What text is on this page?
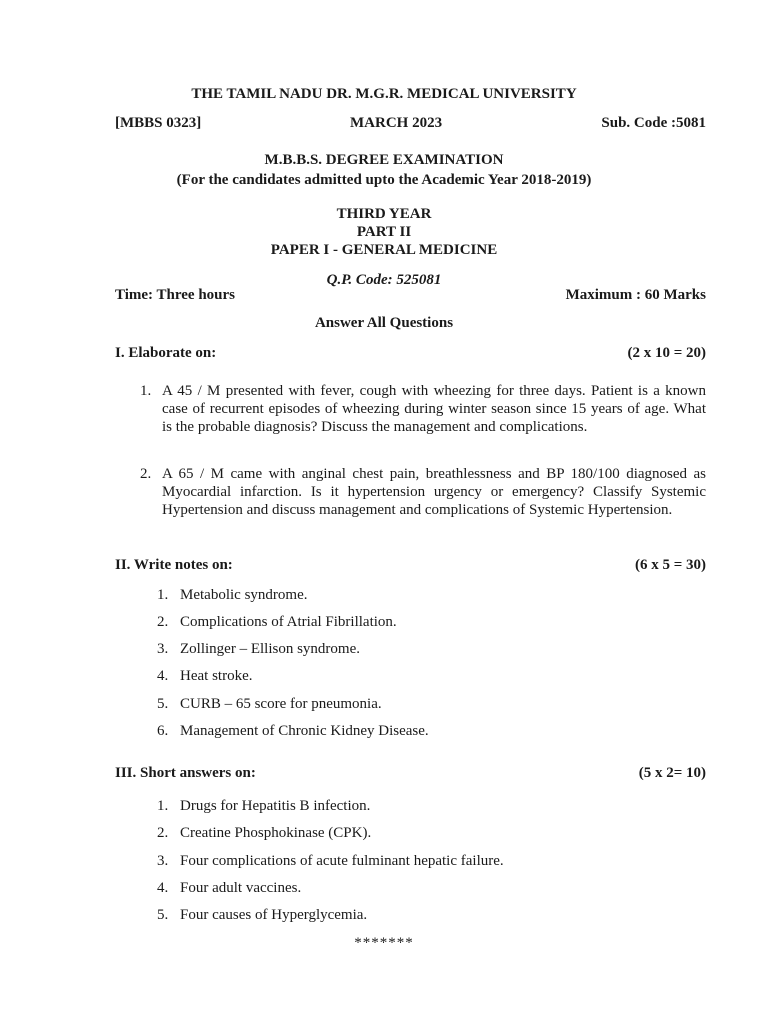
THE TAMIL NADU DR. M.G.R. MEDICAL UNIVERSITY
[MBBS 0323]	MARCH 2023	Sub. Code :5081
M.B.B.S. DEGREE EXAMINATION
(For the candidates admitted upto the Academic Year 2018-2019)
THIRD YEAR
PART II
PAPER I - GENERAL MEDICINE
Q.P. Code: 525081
Time: Three hours	Maximum : 60 Marks
Answer All Questions
I. Elaborate on:	(2 x 10 = 20)
1. A 45 / M presented with fever, cough with wheezing for three days. Patient is a known case of recurrent episodes of wheezing during winter season since 15 years of age. What is the probable diagnosis? Discuss the management and complications.
2. A 65 / M came with anginal chest pain, breathlessness and BP 180/100 diagnosed as Myocardial infarction. Is it hypertension urgency or emergency? Classify Systemic Hypertension and discuss management and complications of Systemic Hypertension.
II. Write notes on:	(6 x 5 = 30)
1. Metabolic syndrome.
2. Complications of Atrial Fibrillation.
3. Zollinger – Ellison syndrome.
4. Heat stroke.
5. CURB – 65 score for pneumonia.
6. Management of Chronic Kidney Disease.
III. Short answers on:	(5 x 2= 10)
1. Drugs for Hepatitis B infection.
2. Creatine Phosphokinase (CPK).
3. Four complications of acute fulminant hepatic failure.
4. Four adult vaccines.
5. Four causes of Hyperglycemia.
*******
